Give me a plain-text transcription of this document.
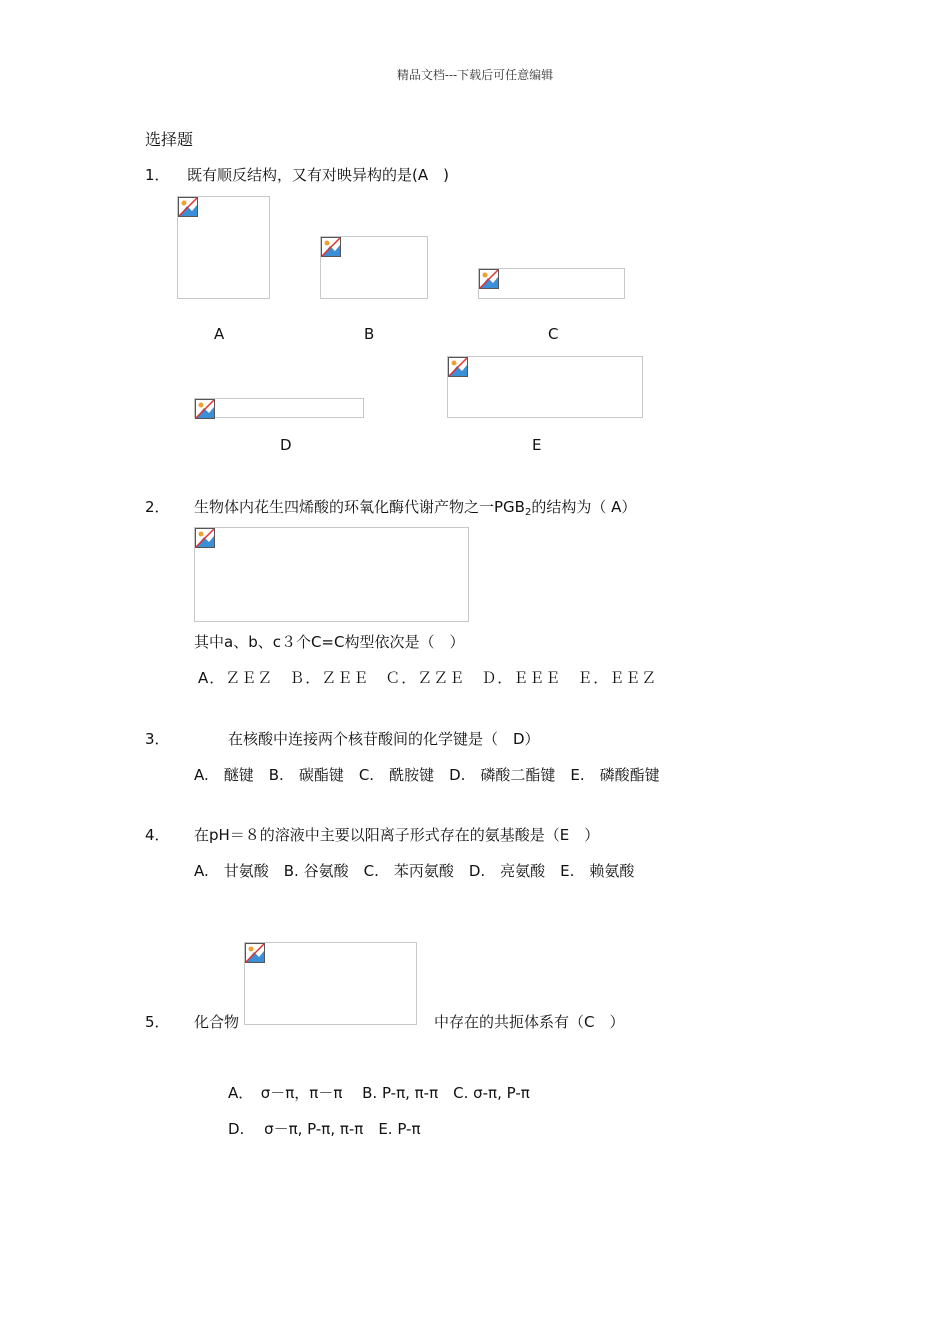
精品文档---下载后可任意编辑
选择题
1． 既有顺反结构，又有对映异构的是(A　)
A	B	C
D	E
2． 生物体内花生四烯酸的环氧化酶代谢产物之一$PGB_2$的结构为（ A）
其中a、b、c３个C=C构型依次是（　）
A．ＺＥＺ　Ｂ．ＺＥＥ　Ｃ．ＺＺＥ　Ｄ．ＥＥＥ　Ｅ．ＥＥＺ
3．	在核酸中连接两个核苷酸间的化学键是（　D）
A.　醚键　B.　碳酯键　C.　酰胺键　D.　磷酸二酯键　E.　磷酸酯键
4． 在pH＝８的溶液中主要以阳离子形式存在的氨基酸是（E　）
A.　甘氨酸　B. 谷氨酸　C.　苯丙氨酸　D.　亮氨酸　E.　赖氨酸
5． 化合物	中存在的共扼体系有（C　）
A．　σ－π，π－π　 B. P-π, π-π　C. σ-π, P-π
D.　 σ－π, P-π, π-π　E. P-π
